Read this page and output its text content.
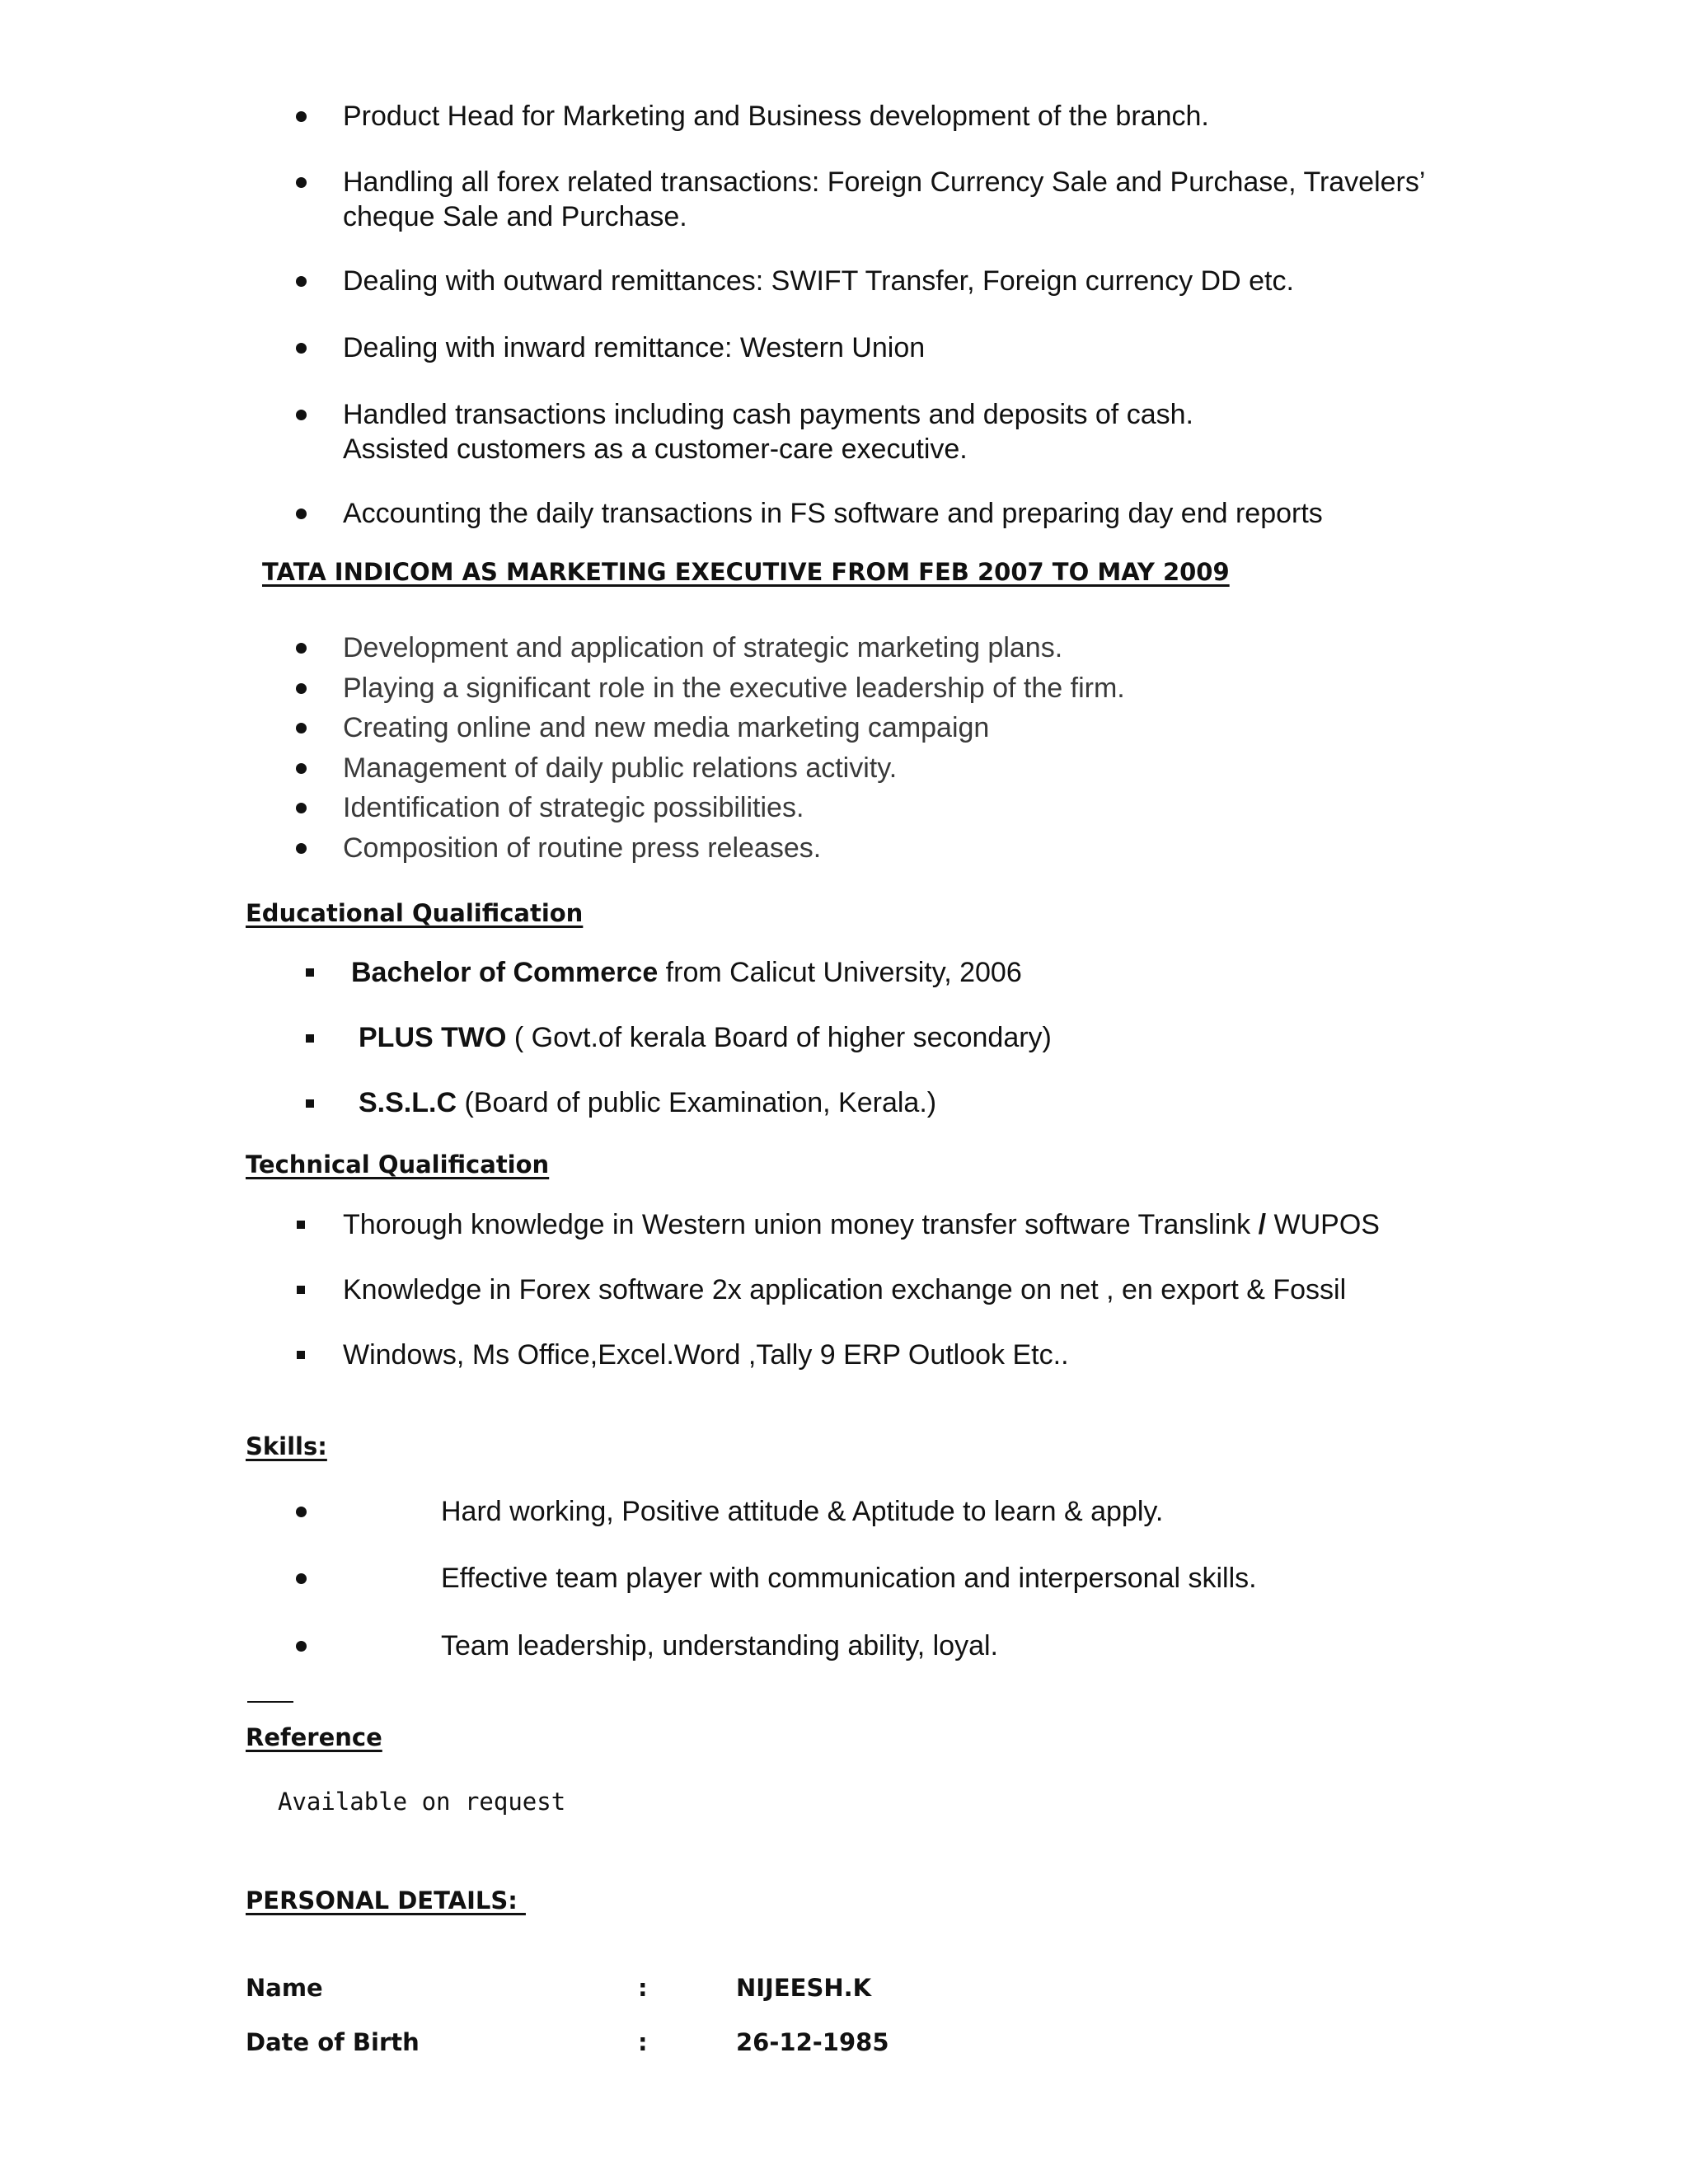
Product Head for Marketing and Business development of the branch.
Handling all forex related transactions: Foreign Currency Sale and Purchase, Travelers’
cheque Sale and Purchase.
Dealing with outward remittances: SWIFT Transfer, Foreign currency DD etc.
Dealing with inward remittance: Western Union
Handled transactions including cash payments and deposits of cash.
Assisted customers as a customer-care executive.
Accounting the daily transactions in FS software and preparing day end reports
TATA INDICOM AS MARKETING EXECUTIVE FROM FEB 2007 TO MAY 2009
Development and application of strategic marketing plans.
Playing a significant role in the executive leadership of the firm.
Creating online and new media marketing campaign
Management of daily public relations activity.
Identification of strategic possibilities.
Composition of routine press releases.
Educational Qualification
Bachelor of Commerce from Calicut University, 2006
PLUS TWO ( Govt.of kerala Board of higher secondary)
S.S.L.C (Board of public Examination, Kerala.)
Technical Qualification
Thorough knowledge in Western union money transfer software Translink / WUPOS
Knowledge in Forex software 2x application exchange on net , en export & Fossil
Windows, Ms Office,Excel.Word ,Tally 9 ERP Outlook Etc..
Skills:
Hard working, Positive attitude & Aptitude to learn & apply.
Effective team player with communication and interpersonal skills.
Team leadership, understanding ability, loyal.
Reference
Available on request
PERSONAL DETAILS:
Name	:	NIJEESH.K
Date of Birth	:	26-12-1985
